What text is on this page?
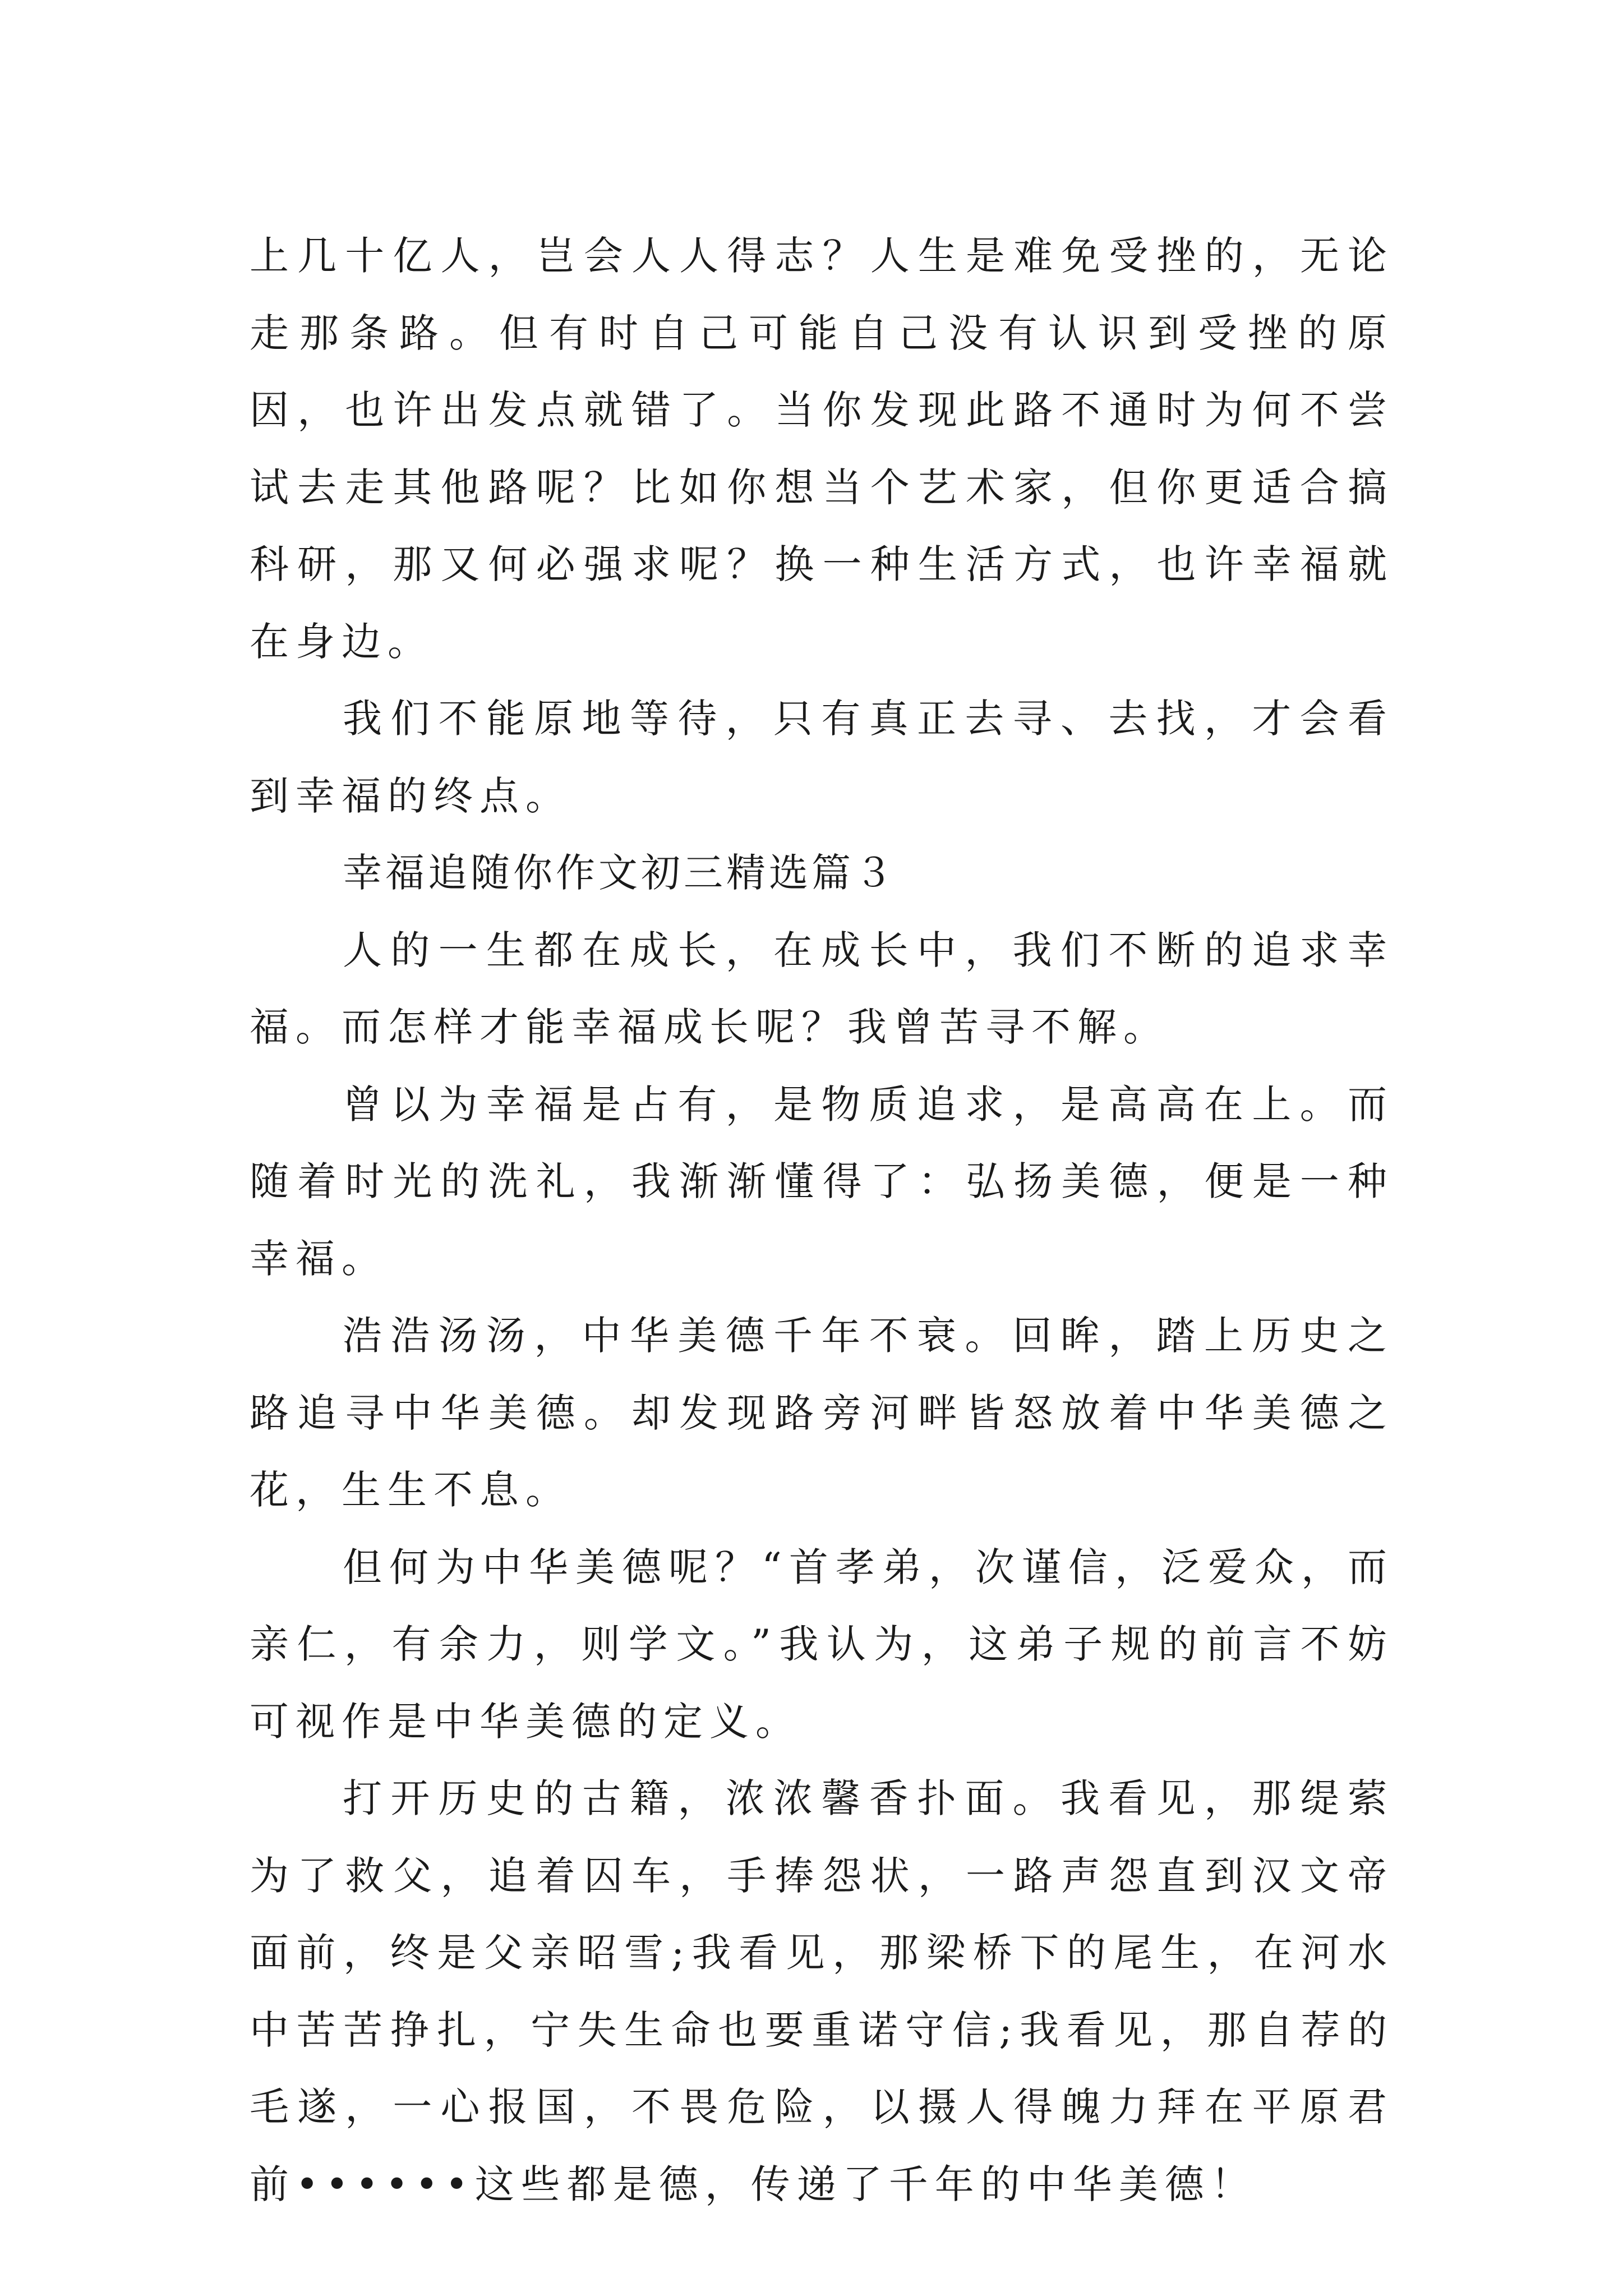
上几十亿人，岂会人人得志？人生是难免受挫的，无论走那条路。但有时自己可能自己没有认识到受挫的原因，也许出发点就错了。当你发现此路不通时为何不尝试去走其他路呢？比如你想当个艺术家，但你更适合搞科研，那又何必强求呢？换一种生活方式，也许幸福就在身边。

我们不能原地等待，只有真正去寻、去找，才会看到幸福的终点。

幸福追随你作文初三精选篇３

人的一生都在成长，在成长中，我们不断的追求幸福。而怎样才能幸福成长呢？我曾苦寻不解。

曾以为幸福是占有，是物质追求，是高高在上。而随着时光的洗礼，我渐渐懂得了：弘扬美德，便是一种幸福。

浩浩汤汤，中华美德千年不衰。回眸，踏上历史之路追寻中华美德。却发现路旁河畔皆怒放着中华美德之花，生生不息。

但何为中华美德呢？“首孝弟，次谨信，泛爱众，而亲仁，有余力，则学文。”我认为，这弟子规的前言不妨可视作是中华美德的定义。

打开历史的古籍，浓浓馨香扑面。我看见，那缇萦为了救父，追着囚车，手捧怨状，一路声怨直到汉文帝面前，终是父亲昭雪;我看见，那梁桥下的尾生，在河水中苦苦挣扎，宁失生命也要重诺守信;我看见，那自荐的毛遂，一心报国，不畏危险，以摄人得魄力拜在平原君前••••••这些都是德，传递了千年的中华美德！
